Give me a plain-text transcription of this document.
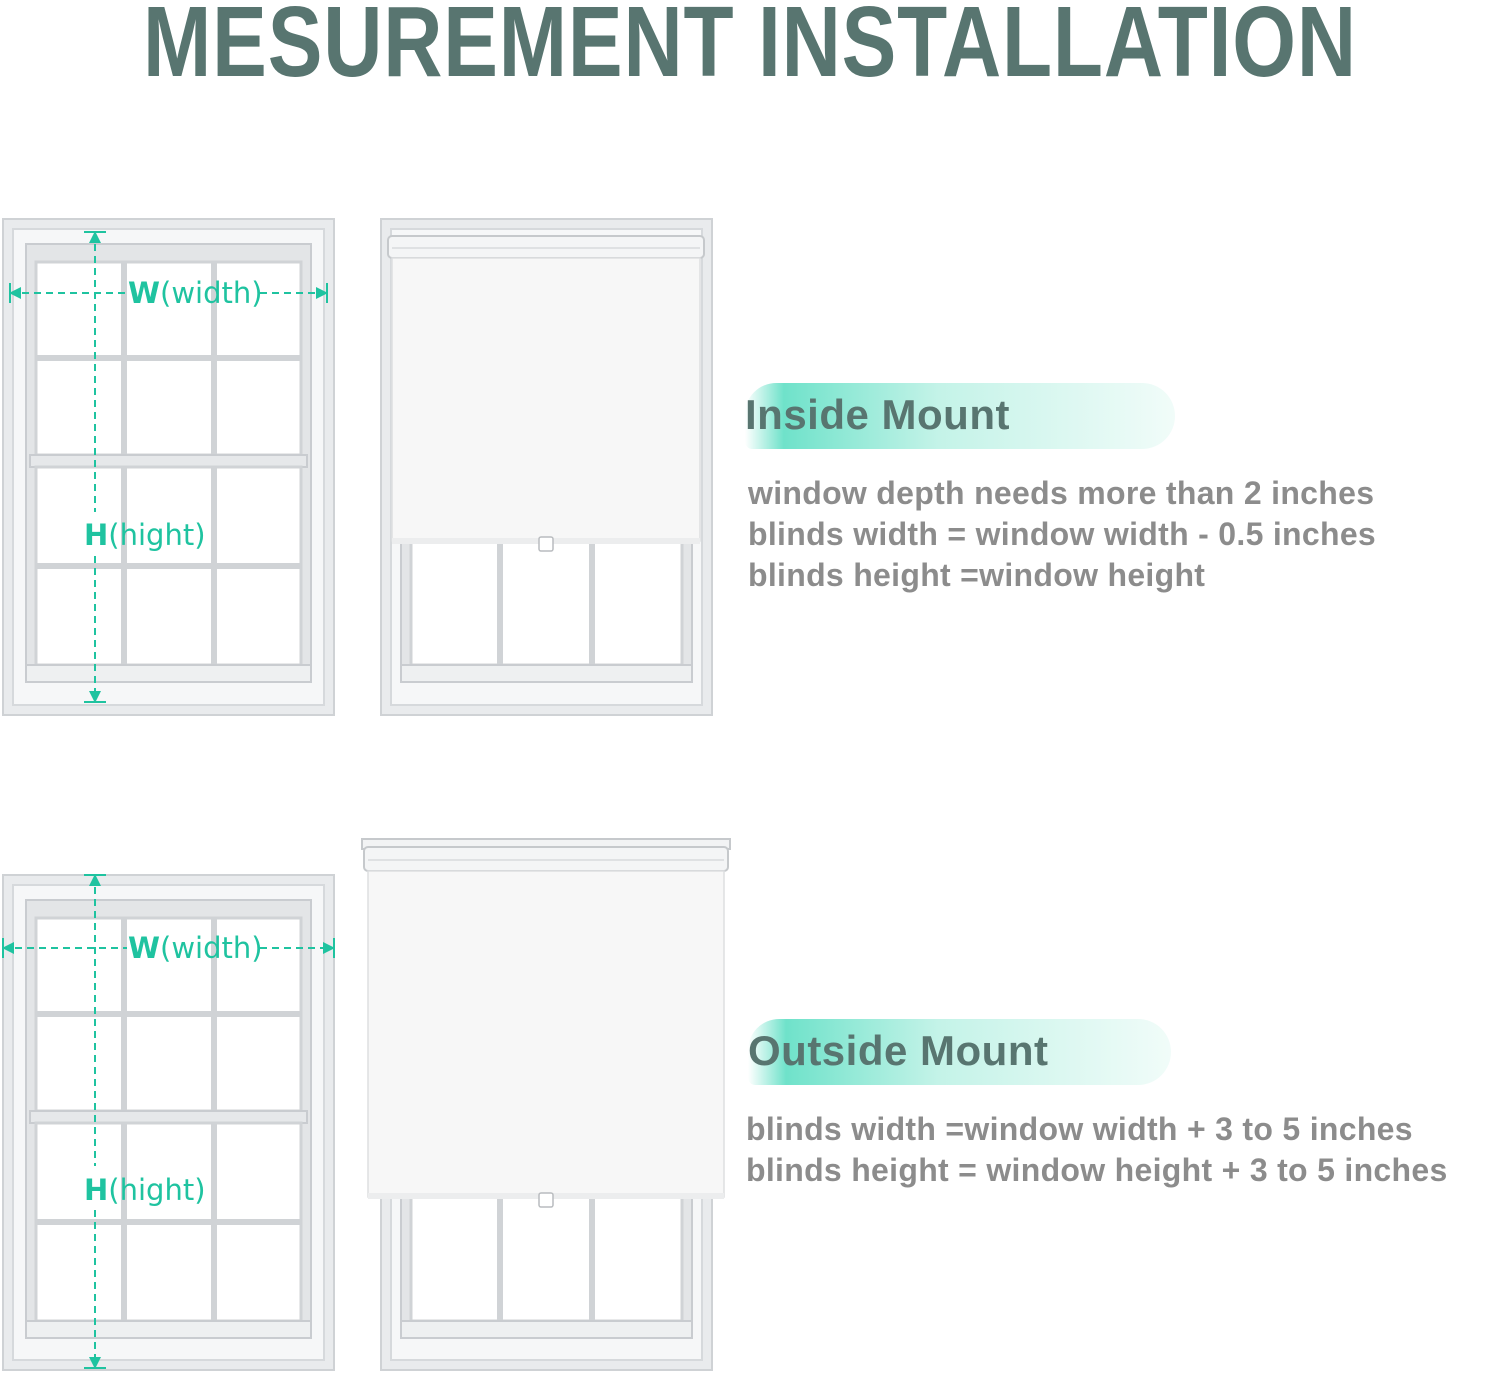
MESUREMENT INSTALLATION
W(width)
H(hight)
W(width)
H(hight)
Inside Mount
window depth needs more than 2 inches
blinds width = window width - 0.5 inches
blinds height =window height
Outside Mount
blinds width =window width + 3 to 5 inches
blinds height = window height + 3 to 5 inches
